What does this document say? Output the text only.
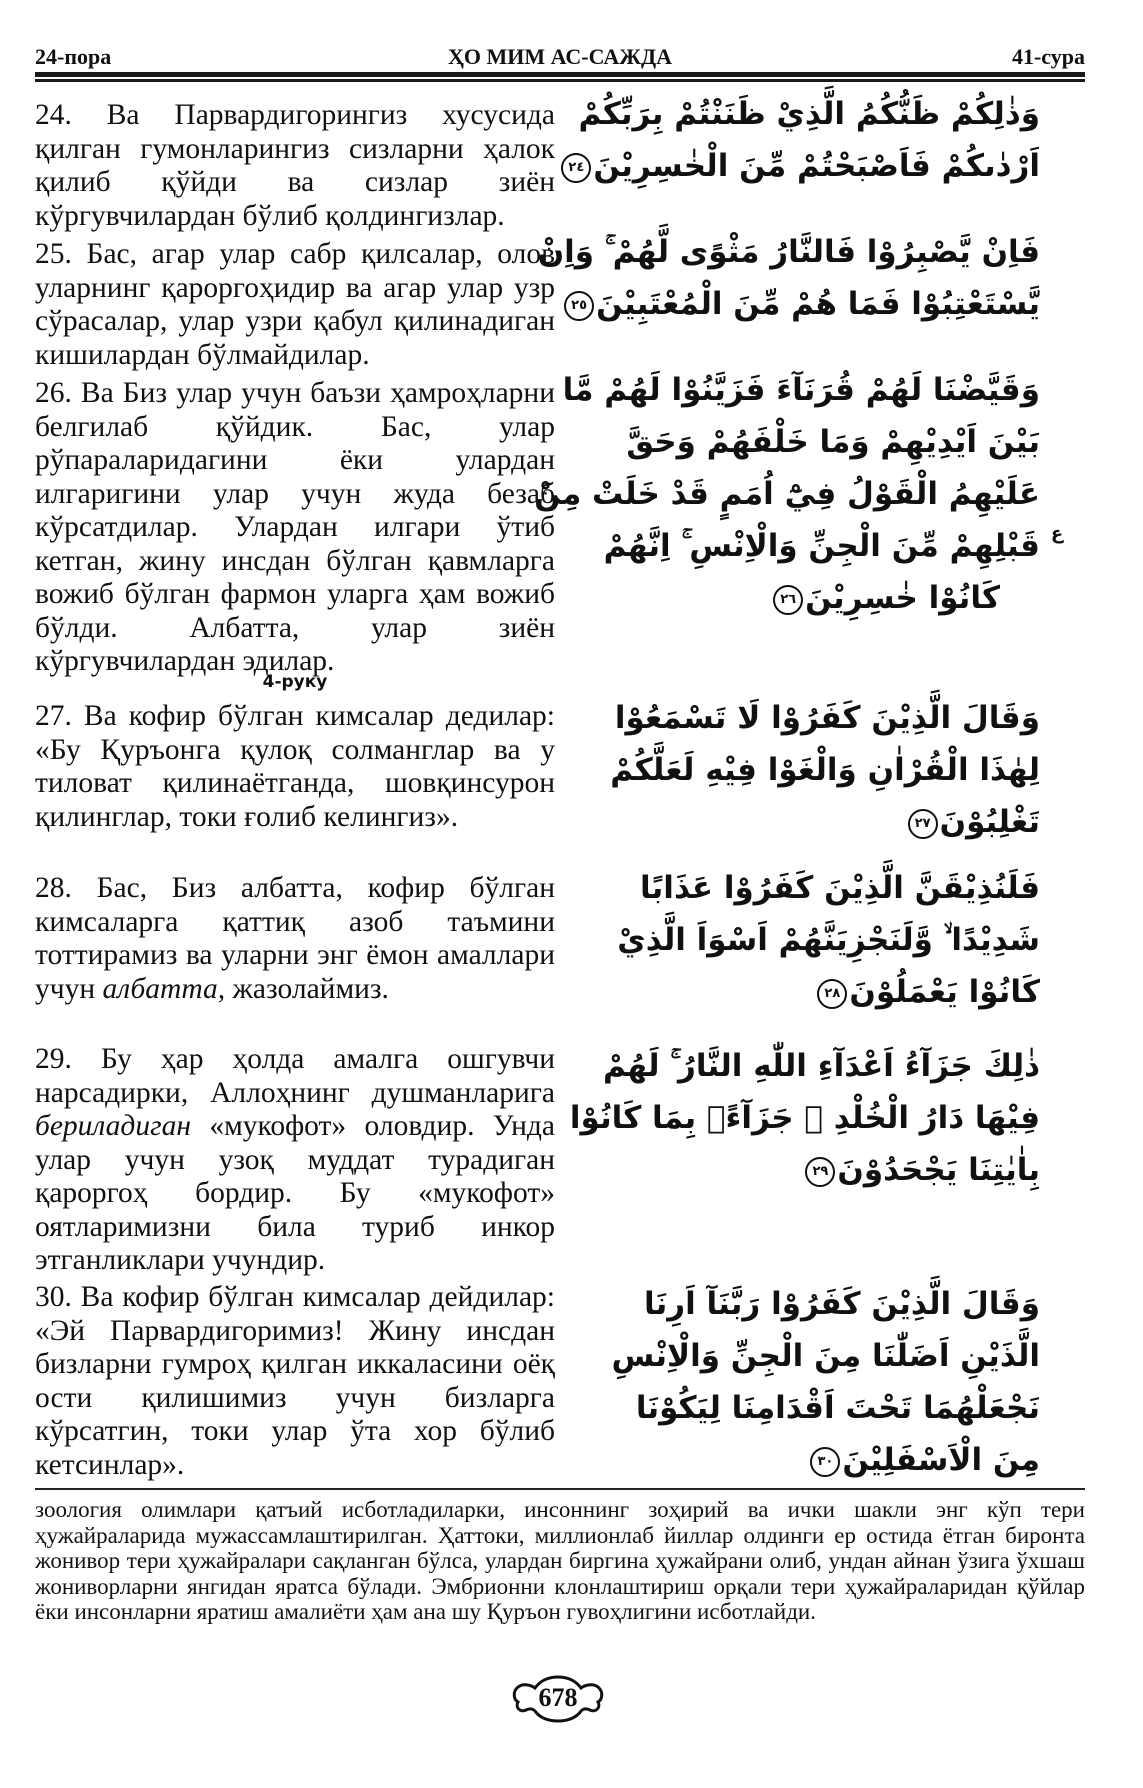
24-пора	ҲО МИМ АС-САЖДА	41-сура
24. Ва Парвардигорингиз хусусида қилган гумонларингиз сизларни ҳалок қилиб қўйди ва сизлар зиён кўргувчилардан бўлиб қолдингизлар.
وَذٰلِكُمْ ظَنُّكُمُ الَّذِيْ ظَنَنْتُمْ بِرَبِّكُمْ
اَرْدٰىكُمْ فَاَصْبَحْتُمْ مِّنَ الْخٰسِرِيْنَ٢٤
25. Бас, агар улар сабр қилсалар, олов уларнинг қароргоҳидир ва агар улар узр сўрасалар, улар узри қабул қилинадиган кишилардан бўлмайдилар.
فَاِنْ يَّصْبِرُوْا فَالنَّارُ مَثْوًى لَّهُمْ ۚ وَاِنْ
يَّسْتَعْتِبُوْا فَمَا هُمْ مِّنَ الْمُعْتَبِيْنَ٢٥
26. Ва Биз улар учун баъзи ҳамроҳларни белгилаб қўйдик. Бас, улар рўпараларидагини ёки улардан илгаригини улар учун жуда безаб кўрсатдилар. Улардан илгари ўтиб кетган, жину инсдан бўлган қавмларга вожиб бўлган фармон уларга ҳам вожиб бўлди. Албатта, улар зиён кўргувчилардан эдилар.
وَقَيَّضْنَا لَهُمْ قُرَنَآءَ فَزَيَّنُوْا لَهُمْ مَّا
بَيْنَ اَيْدِيْهِمْ وَمَا خَلْفَهُمْ وَحَقَّ
عَلَيْهِمُ الْقَوْلُ فِيْٓ اُمَمٍ قَدْ خَلَتْ مِنْ
قَبْلِهِمْ مِّنَ الْجِنِّ وَالْاِنْسِ ۚ اِنَّهُمْ
كَانُوْا خٰسِرِيْنَ٢٦
ع
4-руку
27. Ва кофир бўлган кимсалар дедилар: «Бу Қуръонга қулоқ солманглар ва у тиловат қилинаётганда, шовқинсурон қилинглар, токи ғолиб келингиз».
وَقَالَ الَّذِيْنَ كَفَرُوْا لَا تَسْمَعُوْا
لِهٰذَا الْقُرْاٰنِ وَالْغَوْا فِيْهِ لَعَلَّكُمْ
تَغْلِبُوْنَ٢٧
28. Бас, Биз албатта, кофир бўлган кимсаларга қаттиқ азоб таъмини тоттирамиз ва уларни энг ёмон амаллари учун албатта, жазолаймиз.
فَلَنُذِيْقَنَّ الَّذِيْنَ كَفَرُوْا عَذَابًا
شَدِيْدًا ۙ وَّلَنَجْزِيَنَّهُمْ اَسْوَاَ الَّذِيْ
كَانُوْا يَعْمَلُوْنَ٢٨
29. Бу ҳар ҳолда амалга ошгувчи нарсадирки, Аллоҳнинг душманларига бериладиган «мукофот» оловдир. Унда улар учун узоқ муддат турадиган қароргоҳ бордир. Бу «мукофот» оятларимизни била туриб инкор этганликлари учундир.
ذٰلِكَ جَزَآءُ اَعْدَآءِ اللّٰهِ النَّارُ ۚ لَهُمْ
فِيْهَا دَارُ الْخُلْدِ ۗ جَزَآءًۢ بِمَا كَانُوْا
بِاٰيٰتِنَا يَجْحَدُوْنَ٢٩
30. Ва кофир бўлган кимсалар дейдилар: «Эй Парвардигоримиз! Жину инсдан бизларни гумроҳ қилган иккаласини оёқ ости қилишимиз учун бизларга кўрсатгин, токи улар ўта хор бўлиб кетсинлар».
وَقَالَ الَّذِيْنَ كَفَرُوْا رَبَّنَآ اَرِنَا
الَّذَيْنِ اَضَلّٰنَا مِنَ الْجِنِّ وَالْاِنْسِ
نَجْعَلْهُمَا تَحْتَ اَقْدَامِنَا لِيَكُوْنَا
مِنَ الْاَسْفَلِيْنَ٣٠
зоология олимлари қатъий исботладиларки, инсоннинг зоҳирий ва ички шакли энг кўп тери ҳужайраларида мужассамлаштирилган. Ҳаттоки, миллионлаб йиллар олдинги ер остида ётган биронта жонивор тери ҳужайралари сақланган бўлса, улардан биргина ҳужайрани олиб, ундан айнан ўзига ўхшаш жониворларни янгидан яратса бўлади. Эмбрионни клонлаштириш орқали тери ҳужайраларидан қўйлар ёки инсонларни яратиш амалиёти ҳам ана шу Қуръон гувоҳлигини исботлайди.
678
